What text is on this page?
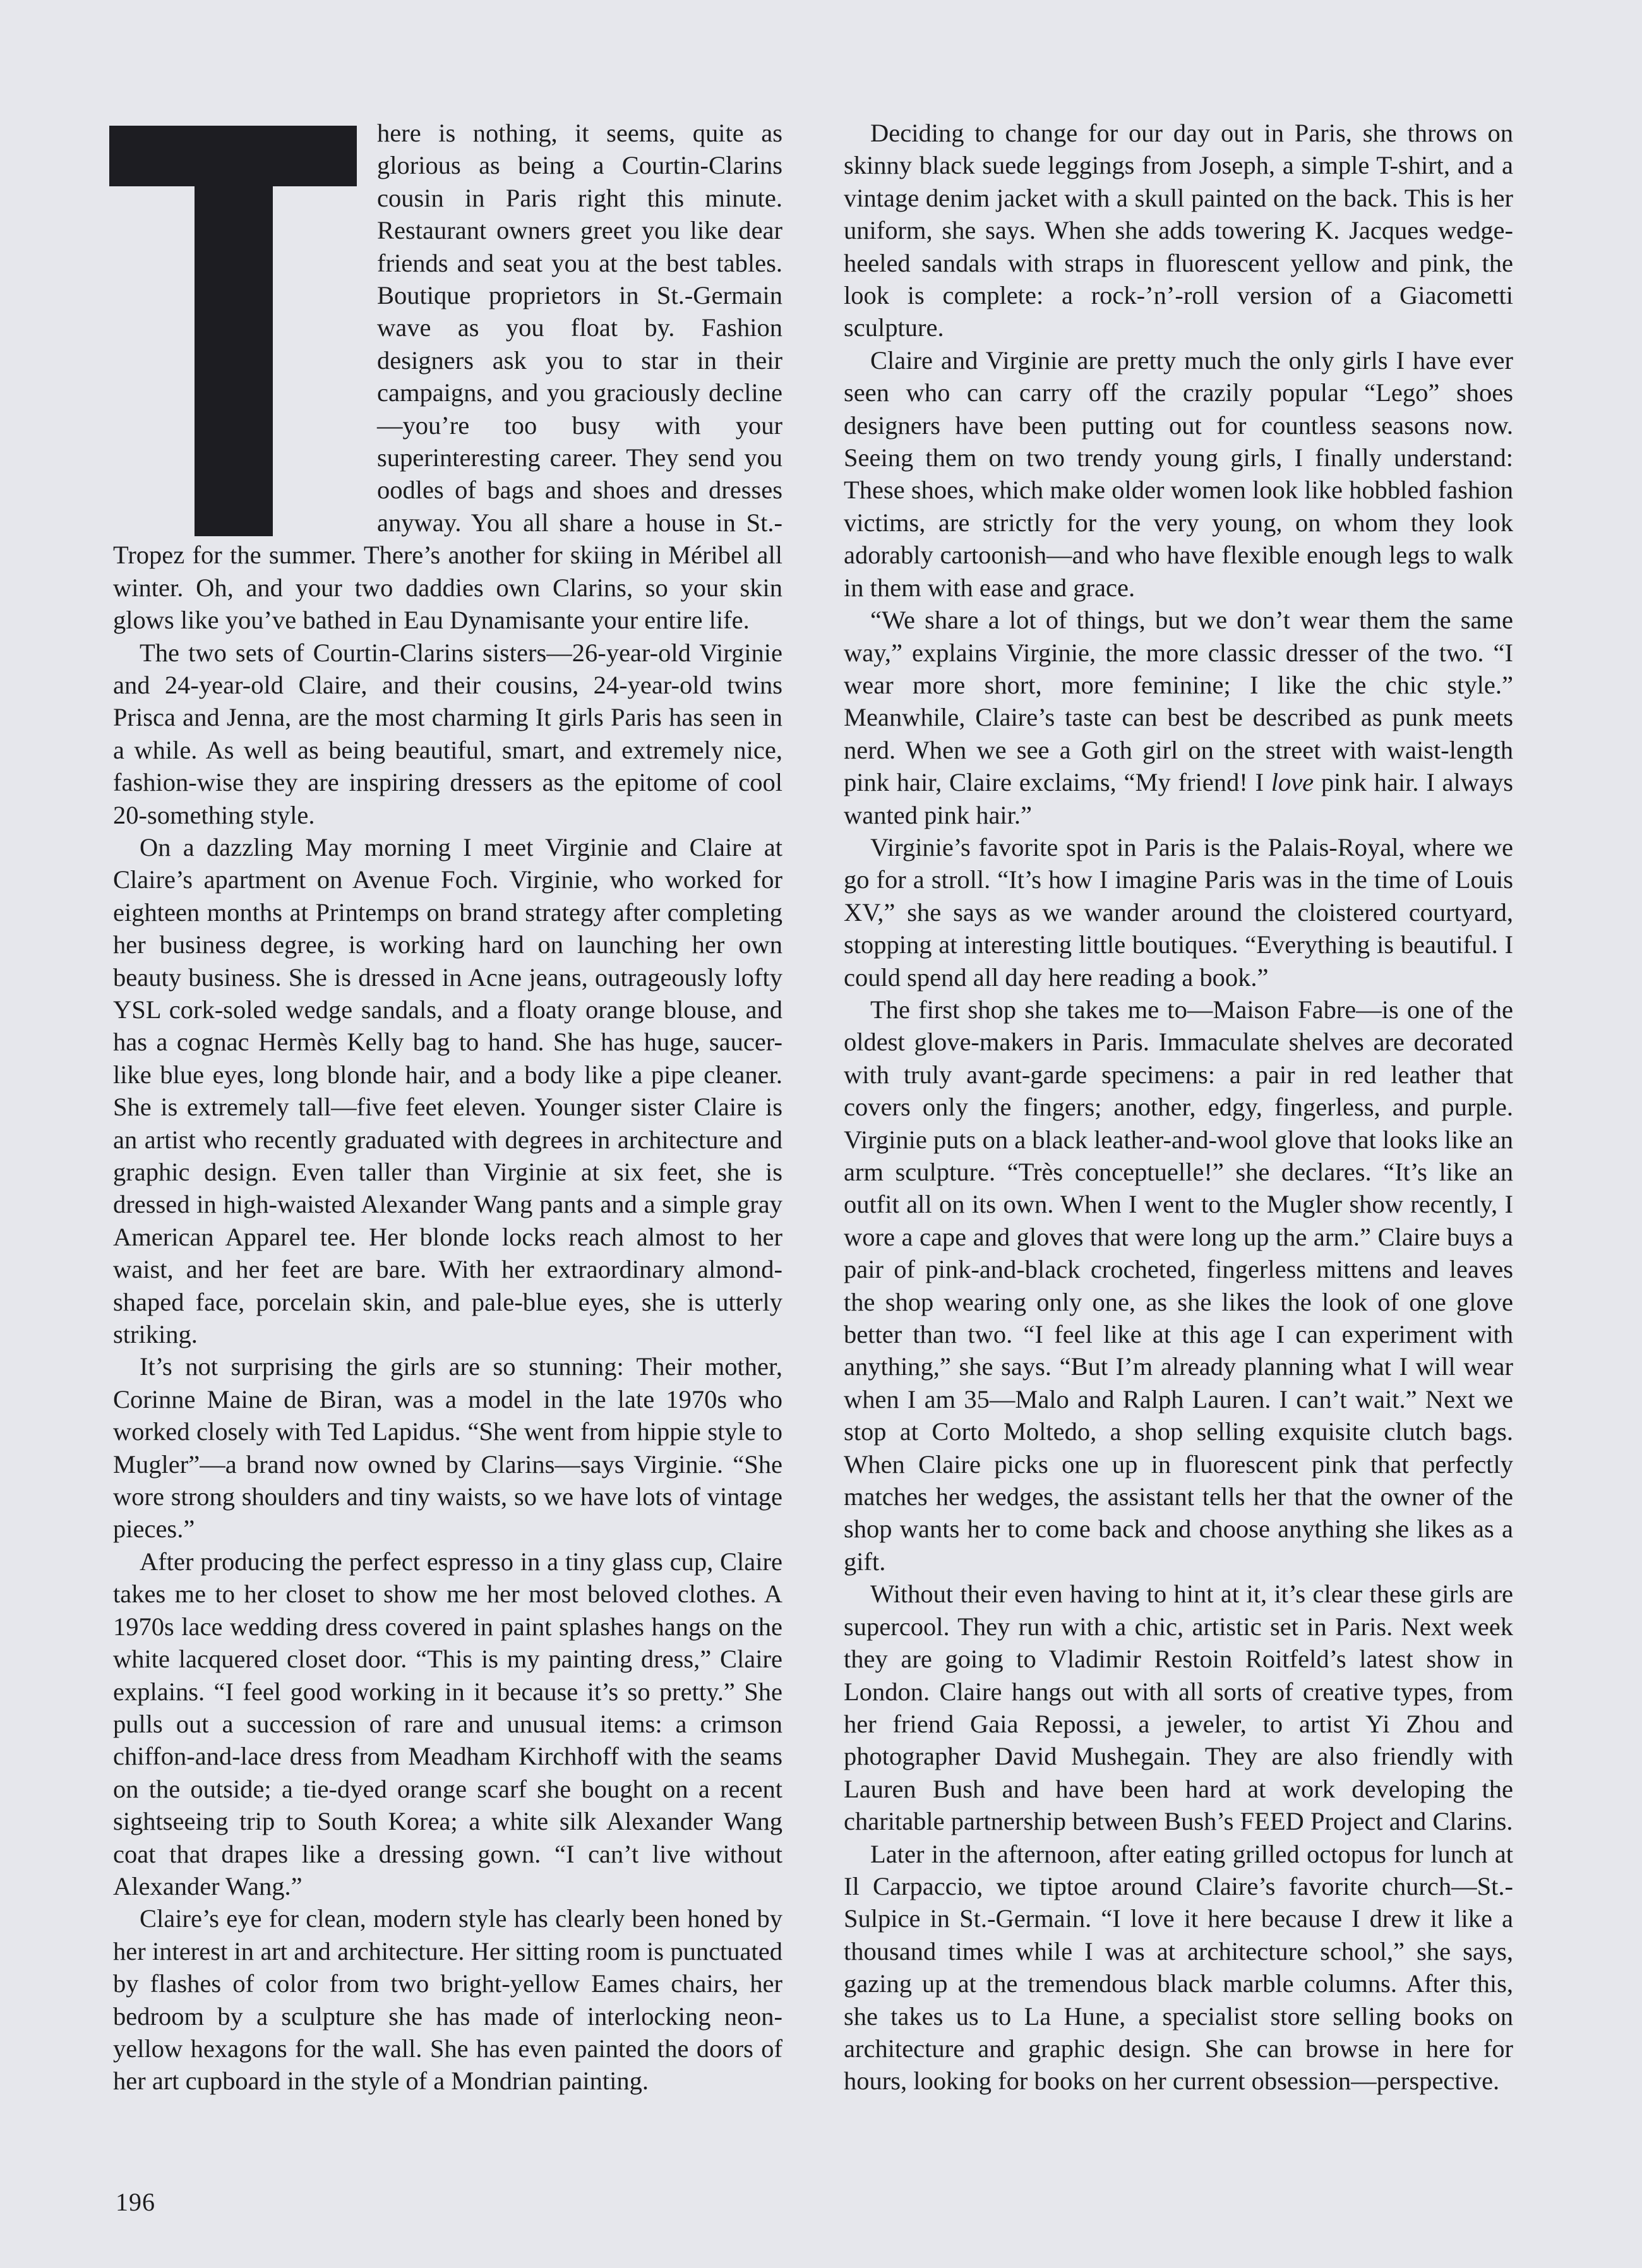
here is nothing, it seems, quite as glorious as being a Courtin-Clarins cousin in Paris right this minute. Restaurant owners greet you like dear friends and seat you at the best tables. Boutique proprietors in St.-Germain wave as you float by. Fashion designers ask you to star in their campaigns, and you graciously decline—you’re too busy with your superinteresting career. They send you oodles of bags and shoes and dresses anyway. You all share a house in St.-Tropez for the summer. There’s another for skiing in Méribel all winter. Oh, and your two daddies own Clarins, so your skin glows like you’ve bathed in Eau Dynamisante your entire life.

The two sets of Courtin-Clarins sisters—26-year-old Virginie and 24-year-old Claire, and their cousins, 24-year-old twins Prisca and Jenna, are the most charming It girls Paris has seen in a while. As well as being beautiful, smart, and extremely nice, fashion-wise they are inspiring dressers as the epitome of cool 20-something style.

On a dazzling May morning I meet Virginie and Claire at Claire’s apartment on Avenue Foch. Virginie, who worked for eighteen months at Printemps on brand strategy after completing her business degree, is working hard on launching her own beauty business. She is dressed in Acne jeans, outrageously lofty YSL cork-soled wedge sandals, and a floaty orange blouse, and has a cognac Hermès Kelly bag to hand. She has huge, saucer-like blue eyes, long blonde hair, and a body like a pipe cleaner. She is extremely tall—five feet eleven. Younger sister Claire is an artist who recently graduated with degrees in architecture and graphic design. Even taller than Virginie at six feet, she is dressed in high-waisted Alexander Wang pants and a simple gray American Apparel tee. Her blonde locks reach almost to her waist, and her feet are bare. With her extraordinary almond-shaped face, porcelain skin, and pale-blue eyes, she is utterly striking.

It’s not surprising the girls are so stunning: Their mother, Corinne Maine de Biran, was a model in the late 1970s who worked closely with Ted Lapidus. “She went from hippie style to Mugler”—a brand now owned by Clarins—says Virginie. “She wore strong shoulders and tiny waists, so we have lots of vintage pieces.”

After producing the perfect espresso in a tiny glass cup, Claire takes me to her closet to show me her most beloved clothes. A 1970s lace wedding dress covered in paint splashes hangs on the white lacquered closet door. “This is my painting dress,” Claire explains. “I feel good working in it because it’s so pretty.” She pulls out a succession of rare and unusual items: a crimson chiffon-and-lace dress from Meadham Kirchhoff with the seams on the outside; a tie-dyed orange scarf she bought on a recent sightseeing trip to South Korea; a white silk Alexander Wang coat that drapes like a dressing gown. “I can’t live without Alexander Wang.”

Claire’s eye for clean, modern style has clearly been honed by her interest in art and architecture. Her sitting room is punctuated by flashes of color from two bright-yellow Eames chairs, her bedroom by a sculpture she has made of interlocking neon-yellow hexagons for the wall. She has even painted the doors of her art cupboard in the style of a Mondrian painting.

Deciding to change for our day out in Paris, she throws on skinny black suede leggings from Joseph, a simple T-shirt, and a vintage denim jacket with a skull painted on the back. This is her uniform, she says. When she adds towering K. Jacques wedge-heeled sandals with straps in fluorescent yellow and pink, the look is complete: a rock-’n’-roll version of a Giacometti sculpture.

Claire and Virginie are pretty much the only girls I have ever seen who can carry off the crazily popular “Lego” shoes designers have been putting out for countless seasons now. Seeing them on two trendy young girls, I finally understand: These shoes, which make older women look like hobbled fashion victims, are strictly for the very young, on whom they look adorably cartoonish—and who have flexible enough legs to walk in them with ease and grace.

“We share a lot of things, but we don’t wear them the same way,” explains Virginie, the more classic dresser of the two. “I wear more short, more feminine; I like the chic style.” Meanwhile, Claire’s taste can best be described as punk meets nerd. When we see a Goth girl on the street with waist-length pink hair, Claire exclaims, “My friend! I love pink hair. I always wanted pink hair.”

Virginie’s favorite spot in Paris is the Palais-Royal, where we go for a stroll. “It’s how I imagine Paris was in the time of Louis XV,” she says as we wander around the cloistered courtyard, stopping at interesting little boutiques. “Everything is beautiful. I could spend all day here reading a book.”

The first shop she takes me to—Maison Fabre—is one of the oldest glove-makers in Paris. Immaculate shelves are decorated with truly avant-garde specimens: a pair in red leather that covers only the fingers; another, edgy, fingerless, and purple. Virginie puts on a black leather-and-wool glove that looks like an arm sculpture. “Très conceptuelle!” she declares. “It’s like an outfit all on its own. When I went to the Mugler show recently, I wore a cape and gloves that were long up the arm.” Claire buys a pair of pink-and-black crocheted, fingerless mittens and leaves the shop wearing only one, as she likes the look of one glove better than two. “I feel like at this age I can experiment with anything,” she says. “But I’m already planning what I will wear when I am 35—Malo and Ralph Lauren. I can’t wait.” Next we stop at Corto Moltedo, a shop selling exquisite clutch bags. When Claire picks one up in fluorescent pink that perfectly matches her wedges, the assistant tells her that the owner of the shop wants her to come back and choose anything she likes as a gift.

Without their even having to hint at it, it’s clear these girls are supercool. They run with a chic, artistic set in Paris. Next week they are going to Vladimir Restoin Roitfeld’s latest show in London. Claire hangs out with all sorts of creative types, from her friend Gaia Repossi, a jeweler, to artist Yi Zhou and photographer David Mushegain. They are also friendly with Lauren Bush and have been hard at work developing the charitable partnership between Bush’s FEED Project and Clarins.

Later in the afternoon, after eating grilled octopus for lunch at Il Carpaccio, we tiptoe around Claire’s favorite church—St.-Sulpice in St.-Germain. “I love it here because I drew it like a thousand times while I was at architecture school,” she says, gazing up at the tremendous black marble columns. After this, she takes us to La Hune, a specialist store selling books on architecture and graphic design. She can browse in here for hours, looking for books on her current obsession—perspective.

196
